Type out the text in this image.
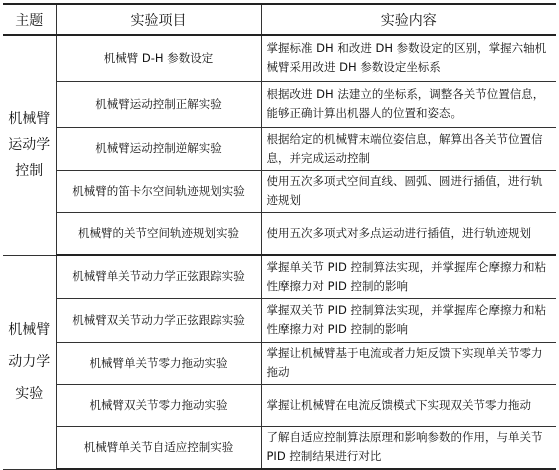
主题	实验项目	实验内容

机械臂
运动学
控制	机械臂 D-H 参数设定	掌握标准 DH 和改进 DH 参数设定的区别，掌握六轴机械臂采用改进 DH 参数设定坐标系
	机械臂运动控制正解实验	根据改进 DH 法建立的坐标系，调整各关节位置信息，能够正确计算出机器人的位置和姿态。
	机械臂运动控制逆解实验	根据给定的机械臂末端位姿信息，解算出各关节位置信息，并完成运动控制
	机械臂的笛卡尔空间轨迹规划实验	使用五次多项式空间直线、圆弧、圆进行插值，进行轨迹规划
	机械臂的关节空间轨迹规划实验	使用五次多项式对多点运动进行插值，进行轨迹规划

机械臂
动力学
实验	机械臂单关节动力学正弦跟踪实验	掌握单关节 PID 控制算法实现，并掌握库仑摩擦力和粘性摩擦力对 PID 控制的影响
	机械臂双关节动力学正弦跟踪实验	掌握双关节 PID 控制算法实现，并掌握库仑摩擦力和粘性摩擦力对 PID 控制的影响
	机械臂单关节零力拖动实验	掌握让机械臂基于电流或者力矩反馈下实现单关节零力拖动
	机械臂双关节零力拖动实验	掌握让机械臂在电流反馈模式下实现双关节零力拖动
	机械臂单关节自适应控制实验	了解自适应控制算法原理和影响参数的作用，与单关节PID 控制结果进行对比
